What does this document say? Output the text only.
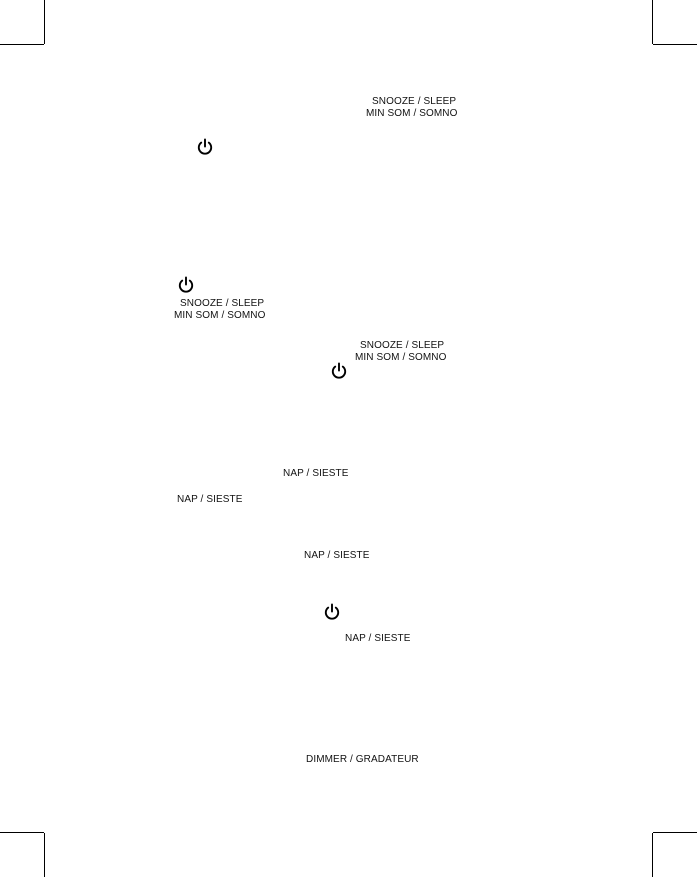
SNOOZE / SLEEP
MIN SOM / SOMNO
SNOOZE / SLEEP
MIN SOM / SOMNO
SNOOZE / SLEEP
MIN SOM / SOMNO
NAP / SIESTE
NAP / SIESTE
NAP / SIESTE
NAP / SIESTE
DIMMER / GRADATEUR
